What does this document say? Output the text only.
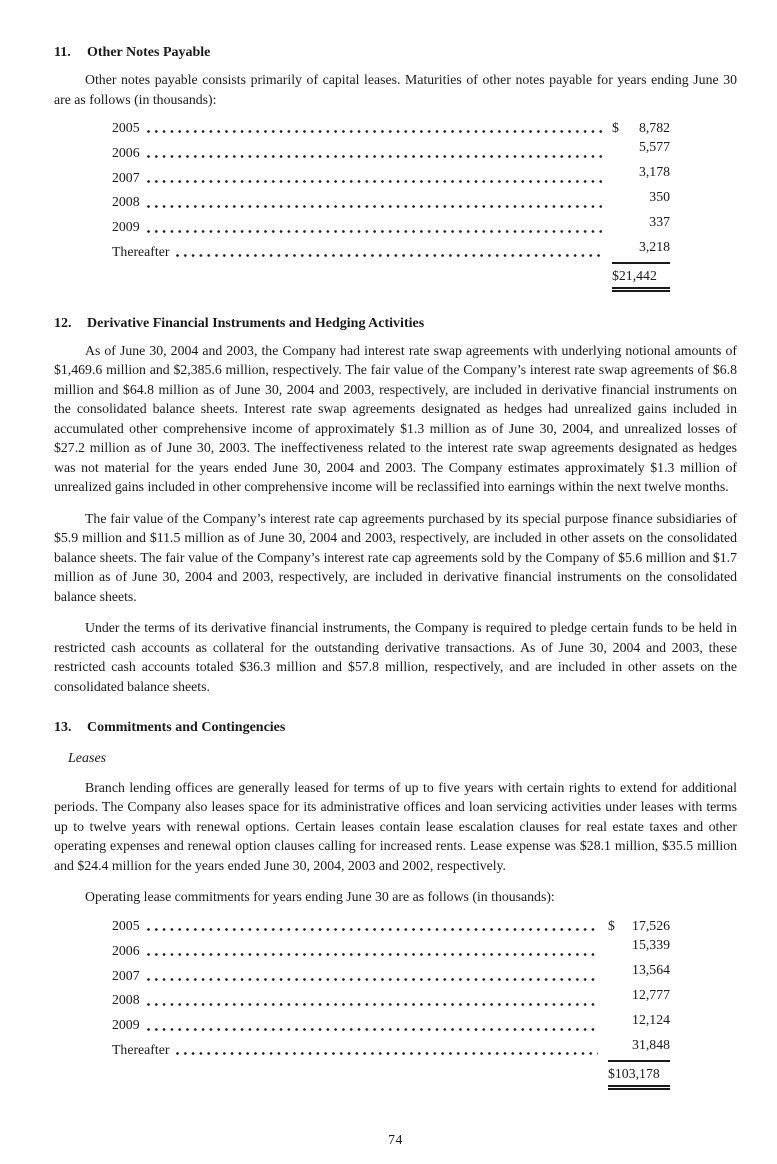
11.	Other Notes Payable

Other notes payable consists primarily of capital leases. Maturities of other notes payable for years ending June 30 are as follows (in thousands):

2005	$ 8,782
2006	5,577
2007	3,178
2008	350
2009	337
Thereafter	3,218
$21,442
12.	Derivative Financial Instruments and Hedging Activities

As of June 30, 2004 and 2003, the Company had interest rate swap agreements with underlying notional amounts of $1,469.6 million and $2,385.6 million, respectively. The fair value of the Company’s interest rate swap agreements of $6.8 million and $64.8 million as of June 30, 2004 and 2003, respectively, are included in derivative financial instruments on the consolidated balance sheets. Interest rate swap agreements designated as hedges had unrealized gains included in accumulated other comprehensive income of approximately $1.3 million as of June 30, 2004, and unrealized losses of $27.2 million as of June 30, 2003. The ineffectiveness related to the interest rate swap agreements designated as hedges was not material for the years ended June 30, 2004 and 2003. The Company estimates approximately $1.3 million of unrealized gains included in other comprehensive income will be reclassified into earnings within the next twelve months.

The fair value of the Company’s interest rate cap agreements purchased by its special purpose finance subsidiaries of $5.9 million and $11.5 million as of June 30, 2004 and 2003, respectively, are included in other assets on the consolidated balance sheets. The fair value of the Company’s interest rate cap agreements sold by the Company of $5.6 million and $1.7 million as of June 30, 2004 and 2003, respectively, are included in derivative financial instruments on the consolidated balance sheets.

Under the terms of its derivative financial instruments, the Company is required to pledge certain funds to be held in restricted cash accounts as collateral for the outstanding derivative transactions. As of June 30, 2004 and 2003, these restricted cash accounts totaled $36.3 million and $57.8 million, respectively, and are included in other assets on the consolidated balance sheets.

13.	Commitments and Contingencies
Leases

Branch lending offices are generally leased for terms of up to five years with certain rights to extend for additional periods. The Company also leases space for its administrative offices and loan servicing activities under leases with terms up to twelve years with renewal options. Certain leases contain lease escalation clauses for real estate taxes and other operating expenses and renewal option clauses calling for increased rents. Lease expense was $28.1 million, $35.5 million and $24.4 million for the years ended June 30, 2004, 2003 and 2002, respectively.

Operating lease commitments for years ending June 30 are as follows (in thousands):

2005	$ 17,526
2006	15,339
2007	13,564
2008	12,777
2009	12,124
Thereafter	31,848
$103,178
74
